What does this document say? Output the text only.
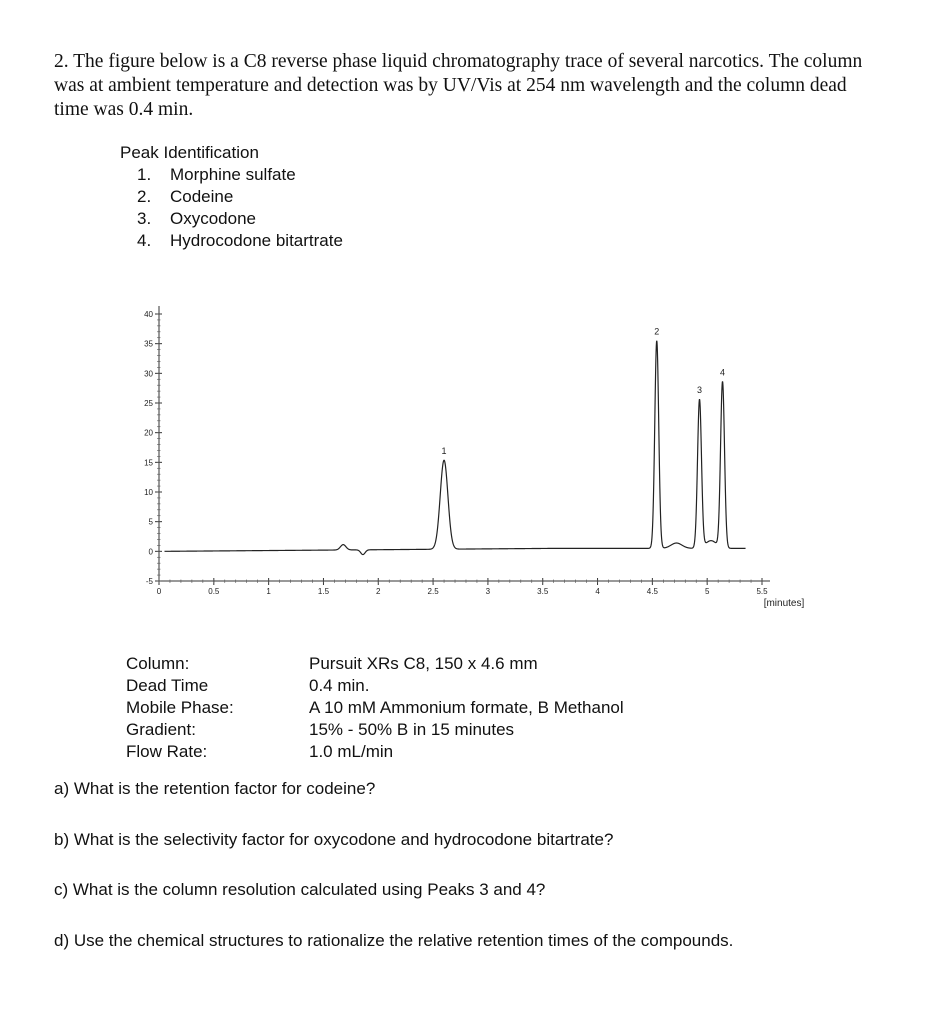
2. The figure below is a C8 reverse phase liquid chromatography trace of several narcotics. The column was at ambient temperature and detection was by UV/Vis at 254 nm wavelength and the column dead time was 0.4 min.

Peak Identification

1. Morphine sulfate
2. Codeine
3. Oxycodone
4. Hydrocodone bitartrate
40
35
30
25
20
15
10
5
0
-5
0	0.5	1	1.5	2	2.5	3	3.5	4	4.5	5	5.5
[minutes]
1
2
3
4
Column:	Pursuit XRs C8, 150 x 4.6 mm
Dead Time	0.4 min.
Mobile Phase:	A 10 mM Ammonium formate, B Methanol
Gradient:	15% - 50% B in 15 minutes
Flow Rate:	1.0 mL/min

a) What is the retention factor for codeine?

b) What is the selectivity factor for oxycodone and hydrocodone bitartrate?

c) What is the column resolution calculated using Peaks 3 and 4?

d) Use the chemical structures to rationalize the relative retention times of the compounds.
